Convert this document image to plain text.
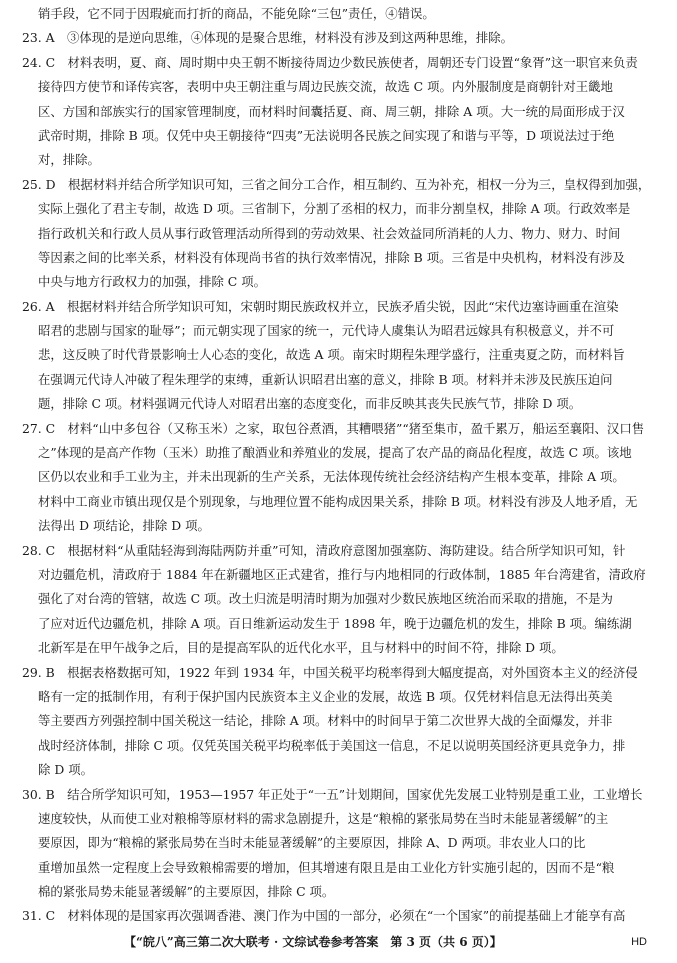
销手段，它不同于因瑕疵而打折的商品，不能免除“三包”责任，④错误。
23. A　③体现的是逆向思维，④体现的是聚合思维，材料没有涉及到这两种思维，排除。
24. C　材料表明，夏、商、周时期中央王朝不断接待周边少数民族使者，周朝还专门设置“象胥”这一职官来负责
接待四方使节和译传宾客，表明中央王朝注重与周边民族交流，故选 C 项。内外服制度是商朝针对王畿地
区、方国和部族实行的国家管理制度，而材料时间囊括夏、商、周三朝，排除 A 项。大一统的局面形成于汉
武帝时期，排除 B 项。仅凭中央王朝接待“四夷”无法说明各民族之间实现了和谐与平等，D 项说法过于绝
对，排除。
25. D　根据材料并结合所学知识可知，三省之间分工合作，相互制约、互为补充，相权一分为三，皇权得到加强，
实际上强化了君主专制，故选 D 项。三省制下，分割了丞相的权力，而非分割皇权，排除 A 项。行政效率是
指行政机关和行政人员从事行政管理活动所得到的劳动效果、社会效益同所消耗的人力、物力、财力、时间
等因素之间的比率关系，材料没有体现尚书省的执行效率情况，排除 B 项。三省是中央机构，材料没有涉及
中央与地方行政权力的加强，排除 C 项。
26. A　根据材料并结合所学知识可知，宋朝时期民族政权并立，民族矛盾尖锐，因此“宋代边塞诗画重在渲染
昭君的悲剧与国家的耻辱”；而元朝实现了国家的统一，元代诗人虞集认为昭君远嫁具有积极意义，并不可
悲，这反映了时代背景影响士人心态的变化，故选 A 项。南宋时期程朱理学盛行，注重夷夏之防，而材料旨
在强调元代诗人冲破了程朱理学的束缚，重新认识昭君出塞的意义，排除 B 项。材料并未涉及民族压迫问
题，排除 C 项。材料强调元代诗人对昭君出塞的态度变化，而非反映其丧失民族气节，排除 D 项。
27. C　材料“山中多包谷（又称玉米）之家，取包谷煮酒，其糟喂猪”“猪至集市，盈千累万，船运至襄阳、汉口售
之”体现的是高产作物（玉米）助推了酿酒业和养殖业的发展，提高了农产品的商品化程度，故选 C 项。该地
区仍以农业和手工业为主，并未出现新的生产关系，无法体现传统社会经济结构产生根本变革，排除 A 项。
材料中工商业市镇出现仅是个别现象，与地理位置不能构成因果关系，排除 B 项。材料没有涉及人地矛盾，无
法得出 D 项结论，排除 D 项。
28. C　根据材料“从重陆轻海到海陆两防并重”可知，清政府意图加强塞防、海防建设。结合所学知识可知，针
对边疆危机，清政府于 1884 年在新疆地区正式建省，推行与内地相同的行政体制，1885 年台湾建省，清政府
强化了对台湾的管辖，故选 C 项。改土归流是明清时期为加强对少数民族地区统治而采取的措施，不是为
了应对近代边疆危机，排除 A 项。百日维新运动发生于 1898 年，晚于边疆危机的发生，排除 B 项。编练湖
北新军是在甲午战争之后，目的是提高军队的近代化水平，且与材料中的时间不符，排除 D 项。
29. B　根据表格数据可知，1922 年到 1934 年，中国关税平均税率得到大幅度提高，对外国资本主义的经济侵
略有一定的抵制作用，有利于保护国内民族资本主义企业的发展，故选 B 项。仅凭材料信息无法得出英美
等主要西方列强控制中国关税这一结论，排除 A 项。材料中的时间早于第二次世界大战的全面爆发，并非
战时经济体制，排除 C 项。仅凭英国关税平均税率低于美国这一信息，不足以说明英国经济更具竞争力，排
除 D 项。
30. B　结合所学知识可知，1953—1957 年正处于“一五”计划期间，国家优先发展工业特别是重工业，工业增长
速度较快，从而使工业对粮棉等原材料的需求急剧提升，这是“粮棉的紧张局势在当时未能显著缓解”的主
要原因，即为“粮棉的紧张局势在当时未能显著缓解”的主要原因，排除 A、D 两项。非农业人口的比
重增加虽然一定程度上会导致粮棉需要的增加，但其增速有限且是由工业化方针实施引起的，因而不是“粮
棉的紧张局势未能显著缓解”的主要原因，排除 C 项。
31. C　材料体现的是国家再次强调香港、澳门作为中国的一部分，必须在“一个国家”的前提基础上才能享有高
【“皖八”高三第二次大联考 · 文综试卷参考答案　第 3 页（共 6 页）】	HD
